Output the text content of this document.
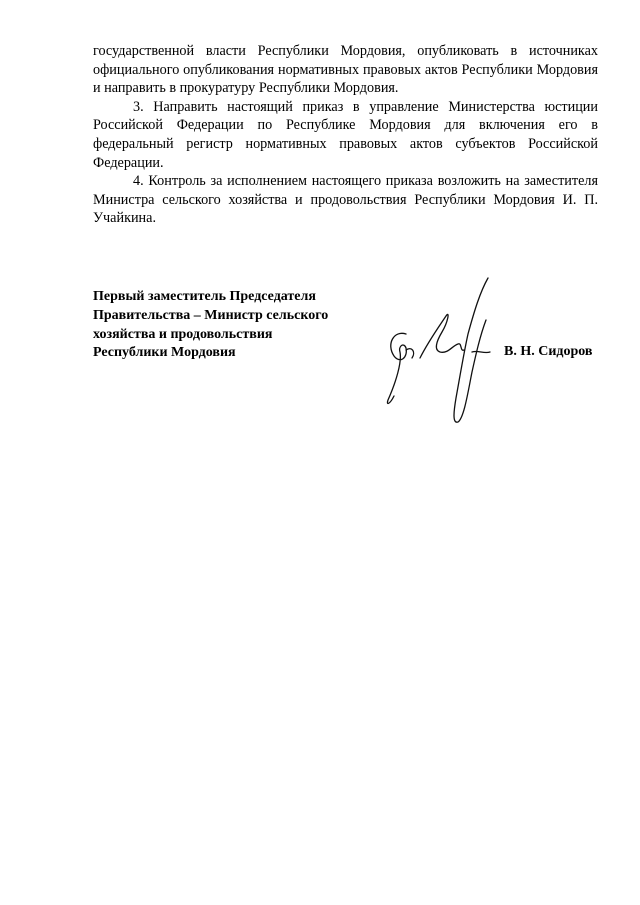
государственной власти Республики Мордовия, опубликовать в источниках официального опубликования нормативных правовых актов Республики Мордовия и направить в прокуратуру Республики Мордовия.

3. Направить настоящий приказ в управление Министерства юстиции Российской Федерации по Республике Мордовия для включения его в федеральный регистр нормативных правовых актов субъектов Российской Федерации.

4. Контроль за исполнением настоящего приказа возложить на заместителя Министра сельского хозяйства и продовольствия Республики Мордовия И. П. Учайкина.

Первый заместитель Председателя
Правительства – Министр сельского
хозяйства и продовольствия
Республики Мордовия	В. Н. Сидоров
